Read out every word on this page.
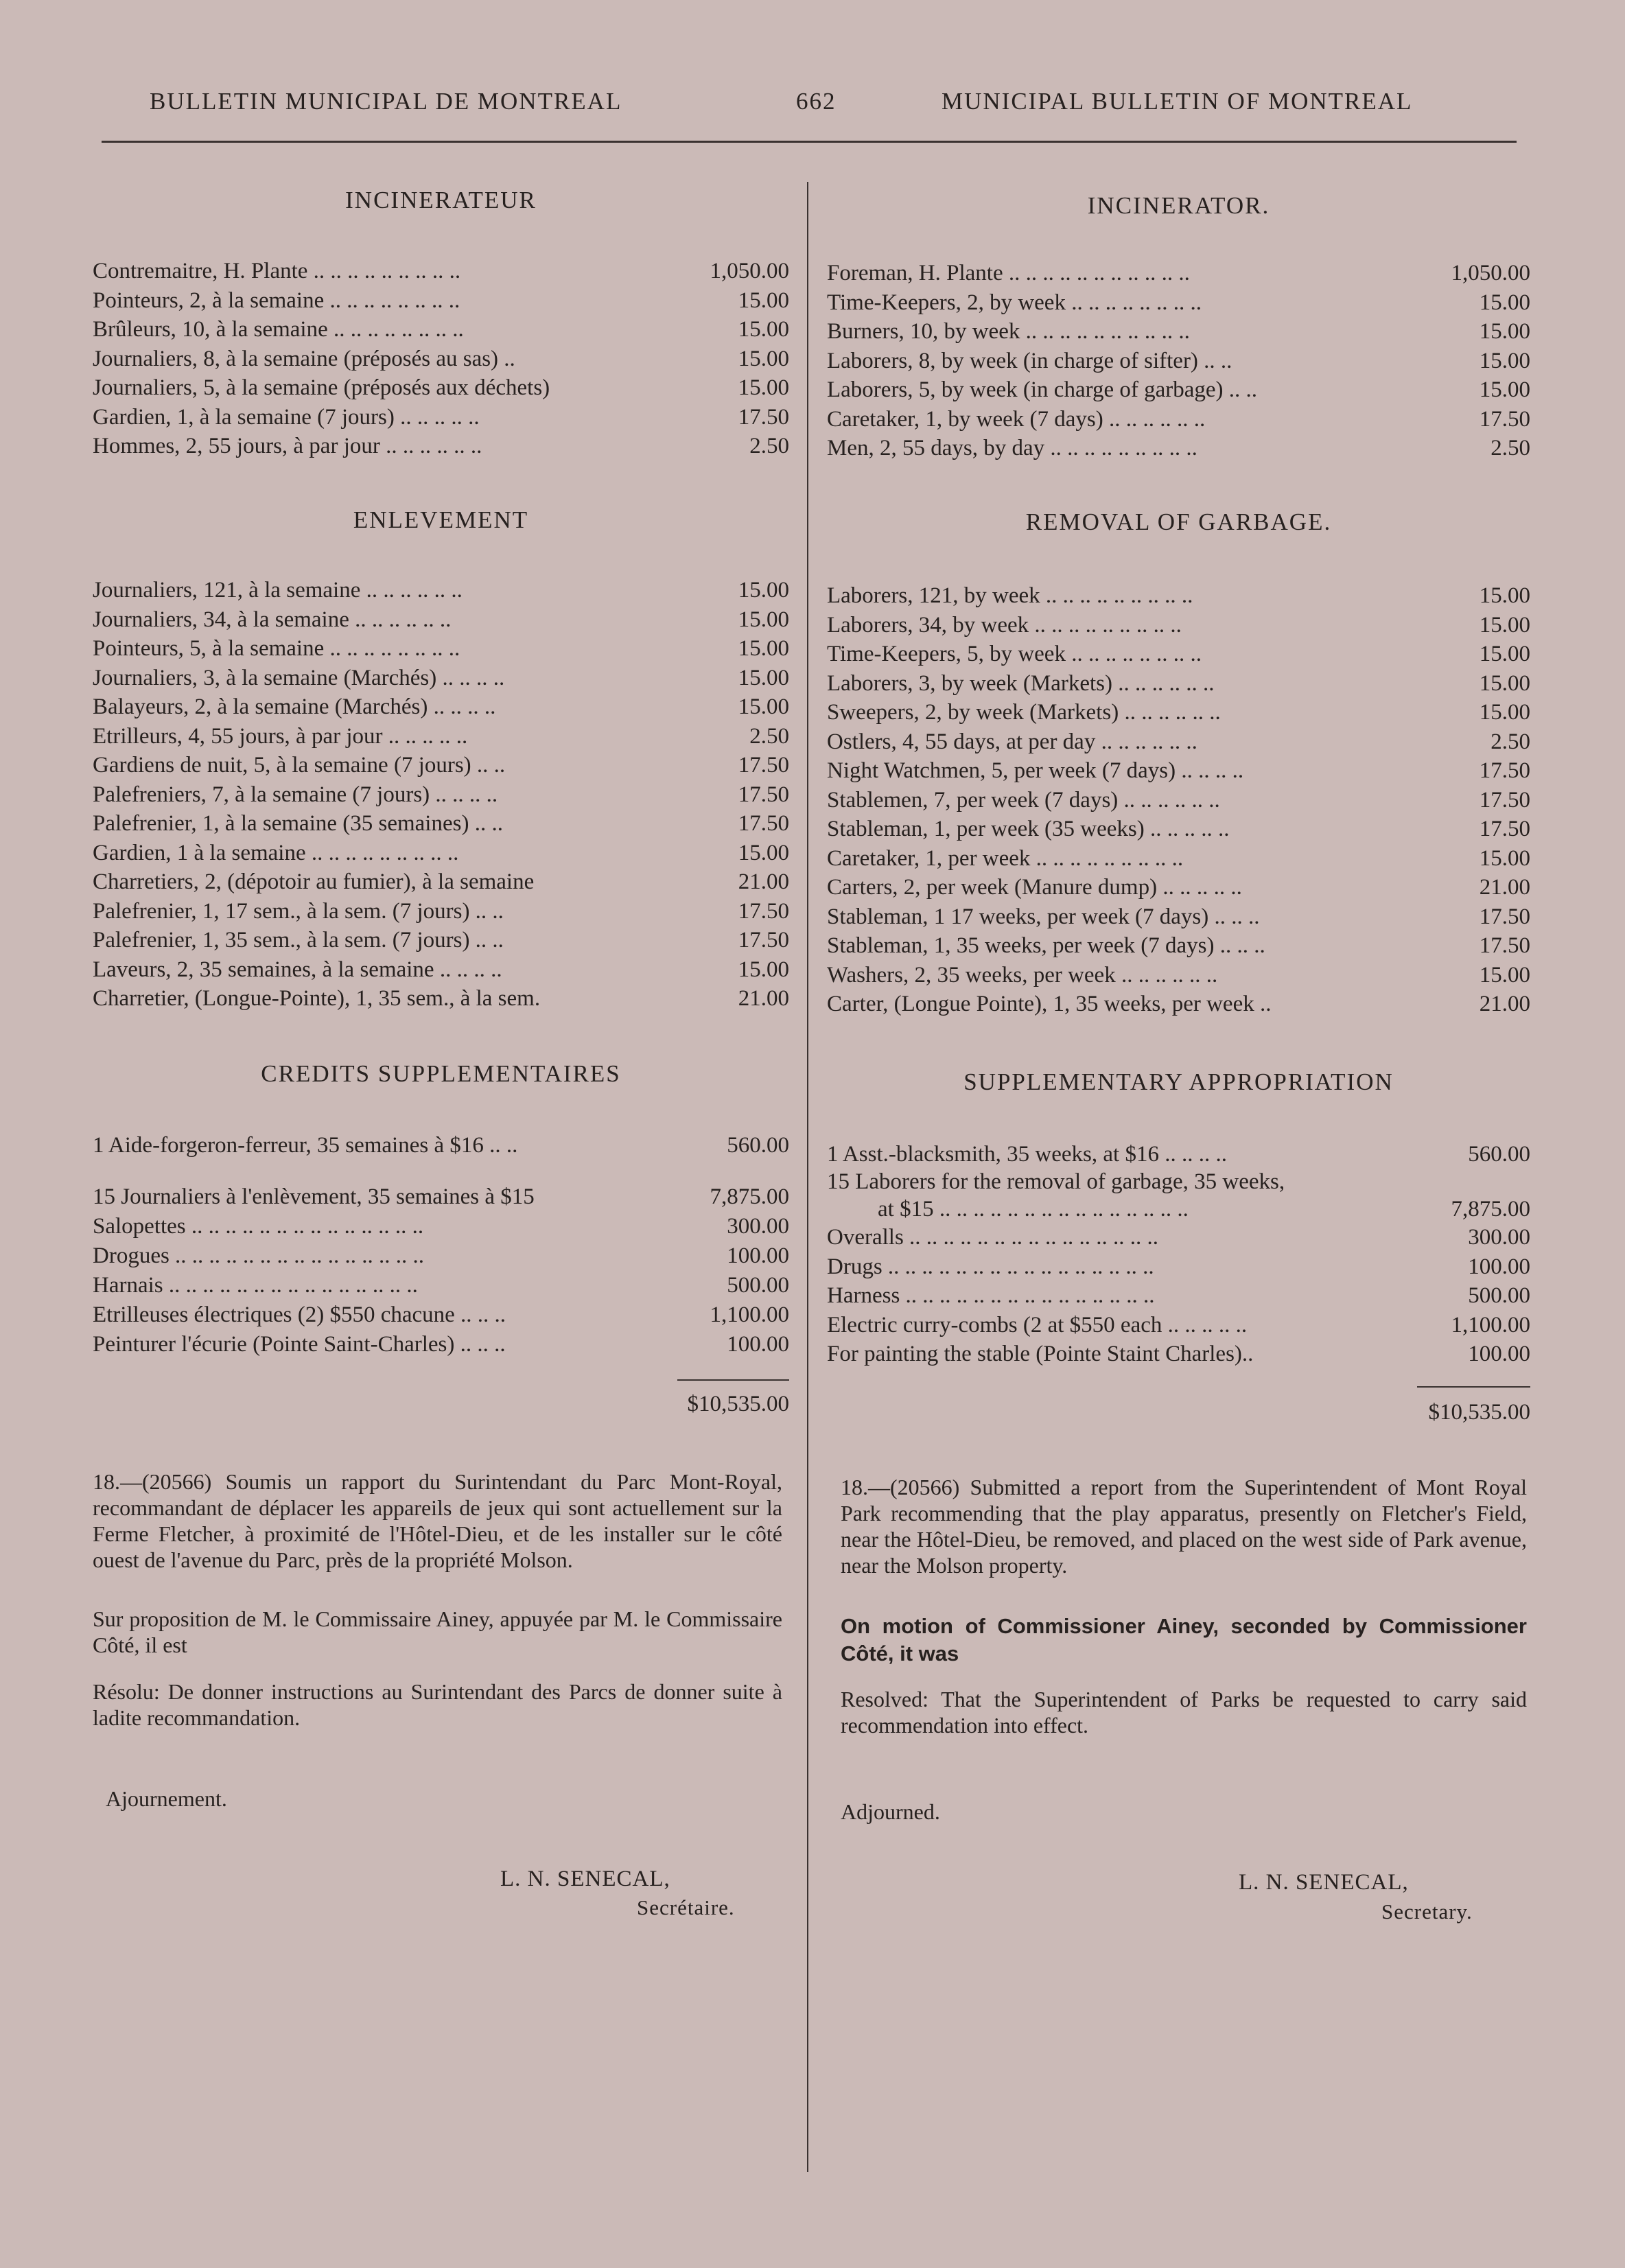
BULLETIN MUNICIPAL DE MONTREAL	662	MUNICIPAL BULLETIN OF MONTREAL
INCINERATEUR
Contremaitre, H. Plante .. .. .. .. .. .. .. .. ..	1,050.00
Pointeurs, 2, à la semaine .. .. .. .. .. .. .. ..	15.00
Brûleurs, 10, à la semaine .. .. .. .. .. .. .. ..	15.00
Journaliers, 8, à la semaine (préposés au sas) ..	15.00
Journaliers, 5, à la semaine (préposés aux déchets)	15.00
Gardien, 1, à la semaine (7 jours) .. .. .. .. ..	17.50
Hommes, 2, 55 jours, à par jour .. .. .. .. .. ..	2.50
ENLEVEMENT
Journaliers, 121, à la semaine .. .. .. .. .. ..	15.00
Journaliers, 34, à la semaine .. .. .. .. .. ..	15.00
Pointeurs, 5, à la semaine .. .. .. .. .. .. .. ..	15.00
Journaliers, 3, à la semaine (Marchés) .. .. .. ..	15.00
Balayeurs, 2, à la semaine (Marchés) .. .. .. ..	15.00
Etrilleurs, 4, 55 jours, à par jour .. .. .. .. ..	2.50
Gardiens de nuit, 5, à la semaine (7 jours) .. ..	17.50
Palefreniers, 7, à la semaine (7 jours) .. .. .. ..	17.50
Palefrenier, 1, à la semaine (35 semaines) .. ..	17.50
Gardien, 1 à la semaine .. .. .. .. .. .. .. .. ..	15.00
Charretiers, 2, (dépotoir au fumier), à la semaine	21.00
Palefrenier, 1, 17 sem., à la sem. (7 jours) .. ..	17.50
Palefrenier, 1, 35 sem., à la sem. (7 jours) .. ..	17.50
Laveurs, 2, 35 semaines, à la semaine .. .. .. ..	15.00
Charretier, (Longue-Pointe), 1, 35 sem., à la sem.	21.00
CREDITS SUPPLEMENTAIRES
1 Aide-forgeron-ferreur, 35 semaines à $16 .. ..	560.00
15 Journaliers à l'enlèvement, 35 semaines à $15	7,875.00
Salopettes .. .. .. .. .. .. .. .. .. .. .. .. .. ..	300.00
Drogues .. .. .. .. .. .. .. .. .. .. .. .. .. .. ..	100.00
Harnais .. .. .. .. .. .. .. .. .. .. .. .. .. .. ..	500.00
Etrilleuses électriques (2) $550 chacune .. .. ..	1,100.00
Peinturer l'écurie (Pointe Saint-Charles) .. .. ..	100.00
$10,535.00
18.—(20566) Soumis un rapport du Surintendant du Parc Mont-Royal, recommandant de déplacer les appareils de jeux qui sont actuellement sur la Ferme Fletcher, à proximité de l'Hôtel-Dieu, et de les installer sur le côté ouest de l'avenue du Parc, près de la propriété Molson.
Sur proposition de M. le Commissaire Ainey, appuyée par M. le Commissaire Côté, il est
Résolu: De donner instructions au Surintendant des Parcs de donner suite à ladite recommandation.
Ajournement.
L. N. SENECAL,
Secrétaire.
INCINERATOR.
Foreman, H. Plante .. .. .. .. .. .. .. .. .. .. ..	1,050.00
Time-Keepers, 2, by week .. .. .. .. .. .. .. ..	15.00
Burners, 10, by week .. .. .. .. .. .. .. .. .. ..	15.00
Laborers, 8, by week (in charge of sifter) .. ..	15.00
Laborers, 5, by week (in charge of garbage) .. ..	15.00
Caretaker, 1, by week (7 days) .. .. .. .. .. ..	17.50
Men, 2, 55 days, by day .. .. .. .. .. .. .. .. ..	2.50
REMOVAL OF GARBAGE.
Laborers, 121, by week .. .. .. .. .. .. .. .. ..	15.00
Laborers, 34, by week .. .. .. .. .. .. .. .. ..	15.00
Time-Keepers, 5, by week .. .. .. .. .. .. .. ..	15.00
Laborers, 3, by week (Markets) .. .. .. .. .. ..	15.00
Sweepers, 2, by week (Markets) .. .. .. .. .. ..	15.00
Ostlers, 4, 55 days, at per day .. .. .. .. .. ..	2.50
Night Watchmen, 5, per week (7 days) .. .. .. ..	17.50
Stablemen, 7, per week (7 days) .. .. .. .. .. ..	17.50
Stableman, 1, per week (35 weeks) .. .. .. .. ..	17.50
Caretaker, 1, per week .. .. .. .. .. .. .. .. ..	15.00
Carters, 2, per week (Manure dump) .. .. .. .. ..	21.00
Stableman, 1 17 weeks, per week (7 days) .. .. ..	17.50
Stableman, 1, 35 weeks, per week (7 days) .. .. ..	17.50
Washers, 2, 35 weeks, per week .. .. .. .. .. ..	15.00
Carter, (Longue Pointe), 1, 35 weeks, per week ..	21.00
SUPPLEMENTARY APPROPRIATION
1 Asst.-blacksmith, 35 weeks, at $16 .. .. .. ..	560.00
15 Laborers for the removal of garbage, 35 weeks,
at $15 .. .. .. .. .. .. .. .. .. .. .. .. .. .. ..	7,875.00
Overalls .. .. .. .. .. .. .. .. .. .. .. .. .. .. ..	300.00
Drugs .. .. .. .. .. .. .. .. .. .. .. .. .. .. .. ..	100.00
Harness .. .. .. .. .. .. .. .. .. .. .. .. .. .. ..	500.00
Electric curry-combs (2 at $550 each .. .. .. .. ..	1,100.00
For painting the stable (Pointe Staint Charles)..	100.00
$10,535.00
18.—(20566) Submitted a report from the Superintendent of Mont Royal Park recommending that the play apparatus, presently on Fletcher's Field, near the Hôtel-Dieu, be removed, and placed on the west side of Park avenue, near the Molson property.
On motion of Commissioner Ainey, seconded by Commissioner Côté, it was
Resolved: That the Superintendent of Parks be requested to carry said recommendation into effect.
Adjourned.
L. N. SENECAL,
Secretary.
